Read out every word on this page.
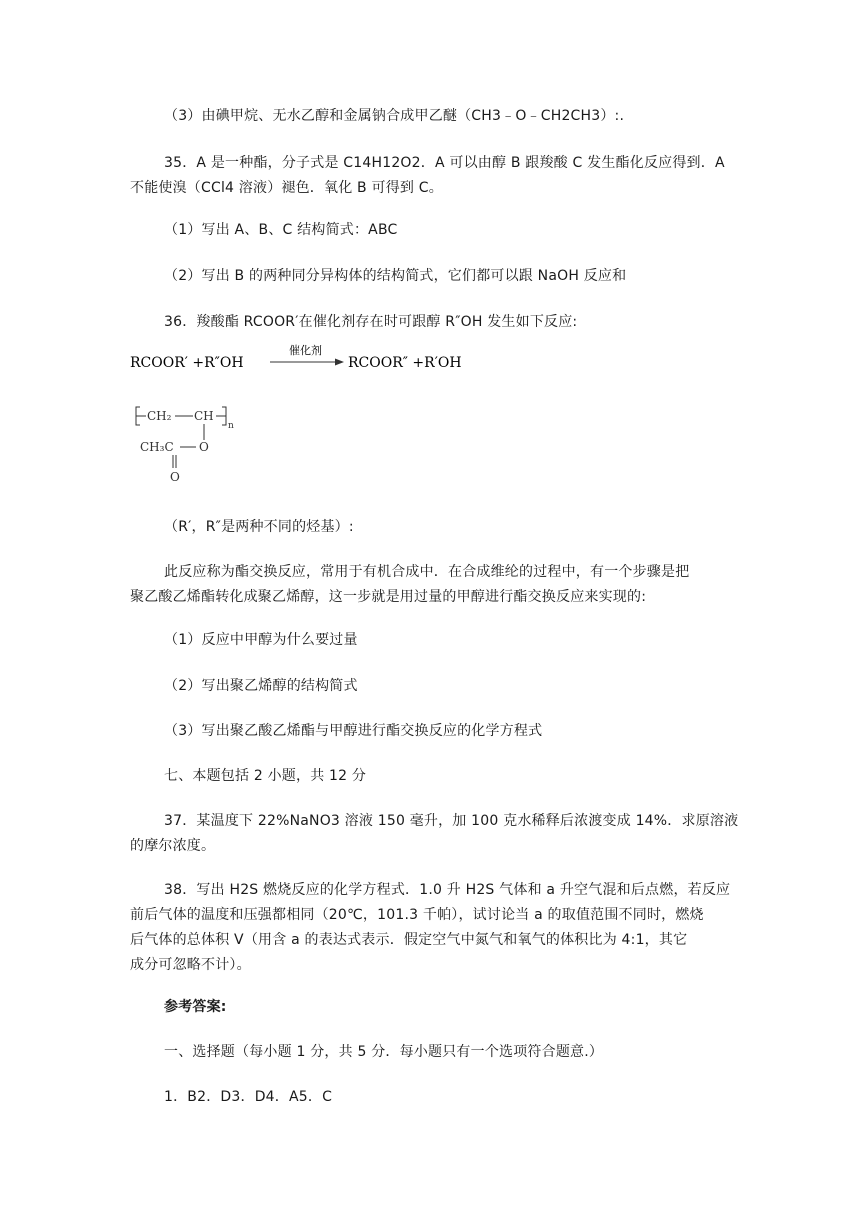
（3）由碘甲烷、无水乙醇和金属钠合成甲乙醚（CH3﹣O﹣CH2CH3）:.
35．A 是一种酯，分子式是 C14H12O2．A 可以由醇 B 跟羧酸 C 发生酯化反应得到．A
不能使溴（CCl4 溶液）褪色．氧化 B 可得到 C。
（1）写出 A、B、C 结构简式：ABC
（2）写出 B 的两种同分异构体的结构简式，它们都可以跟 NaOH 反应和
36．羧酸酯 RCOOR′在催化剂存在时可跟醇 R″OH 发生如下反应:
RCOOR′ +R″OH
催化剂
RCOOR″ +R′OH
CH₂ CH
n
CH₃C O
O
（R′，R″是两种不同的烃基）:
此反应称为酯交换反应，常用于有机合成中．在合成维纶的过程中，有一个步骤是把
聚乙酸乙烯酯转化成聚乙烯醇，这一步就是用过量的甲醇进行酯交换反应来实现的:
（1）反应中甲醇为什么要过量
（2）写出聚乙烯醇的结构简式
（3）写出聚乙酸乙烯酯与甲醇进行酯交换反应的化学方程式
七、本题包括 2 小题，共 12 分
37．某温度下 22%NaNO3 溶液 150 毫升，加 100 克水稀释后浓渡变成 14%．求原溶液
的摩尔浓度。
38．写出 H2S 燃烧反应的化学方程式．1.0 升 H2S 气体和 a 升空气混和后点燃，若反应
前后气体的温度和压强都相同（20℃，101.3 千帕），试讨论当 a 的取值范围不同时，燃烧
后气体的总体积 V（用含 a 的表达式表示．假定空气中氮气和氧气的体积比为 4:1，其它
成分可忽略不计）。
参考答案:
一、选择题（每小题 1 分，共 5 分．每小题只有一个选项符合题意.）
1．B2．D3．D4．A5．C
